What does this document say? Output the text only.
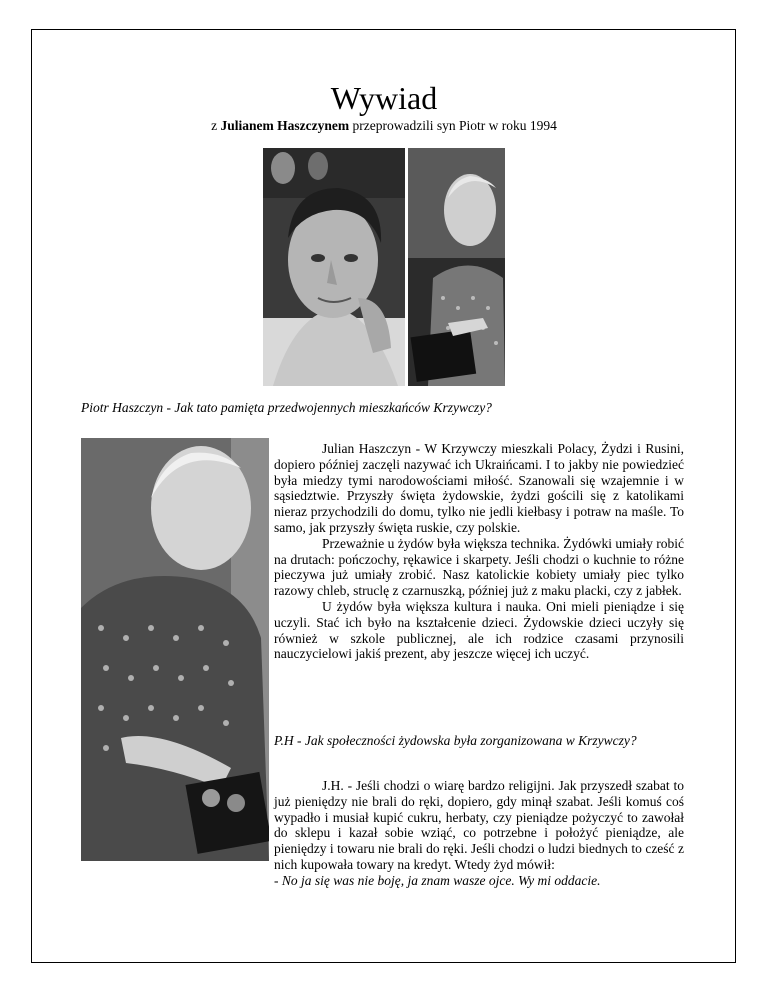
Wywiad
z Julianem Haszczynem przeprowadzili syn Piotr w roku 1994
Piotr Haszczyn - Jak tato pamięta przedwojennych mieszkańców Krzywczy?

Julian Haszczyn - W Krzywczy mieszkali Polacy, Żydzi i Rusini, dopiero później zaczęli nazywać ich Ukraińcami. I to jakby nie powiedzieć była miedzy tymi narodowościami miłość. Szanowali się wzajemnie i w sąsiedztwie. Przyszły święta żydowskie, żydzi gościli się z katolikami nieraz przychodzili do domu, tylko nie jedli kiełbasy i potraw na maśle. To samo, jak przyszły święta ruskie, czy polskie.

Przeważnie u żydów była większa technika. Żydówki umiały robić na drutach: pończochy, rękawice i skarpety. Jeśli chodzi o kuchnie to różne pieczywa już umiały zrobić. Nasz katolickie kobiety umiały piec tylko razowy chleb, struclę z czarnuszką, później już z maku placki, czy z jabłek.

U żydów była większa kultura i nauka. Oni mieli pieniądze i się uczyli. Stać ich było na kształcenie dzieci. Żydowskie dzieci uczyły się również w szkole publicznej, ale ich rodzice czasami przynosili nauczycielowi jakiś prezent, aby jeszcze więcej ich uczyć.

P.H - Jak społeczności żydowska była zorganizowana w Krzywczy?

J.H. - Jeśli chodzi o wiarę bardzo religijni. Jak przyszedł szabat to już pieniędzy nie brali do ręki, dopiero, gdy minął szabat. Jeśli komuś coś wypadło i musiał kupić cukru, herbaty, czy pieniądze pożyczyć to zawołał do sklepu i kazał sobie wziąć, co potrzebne i położyć pieniądze, ale pieniędzy i towaru nie brali do ręki. Jeśli chodzi o ludzi biednych to cześć z nich kupowała towary na kredyt. Wtedy żyd mówił:

- No ja się was nie boję, ja znam wasze ojce. Wy mi oddacie.
